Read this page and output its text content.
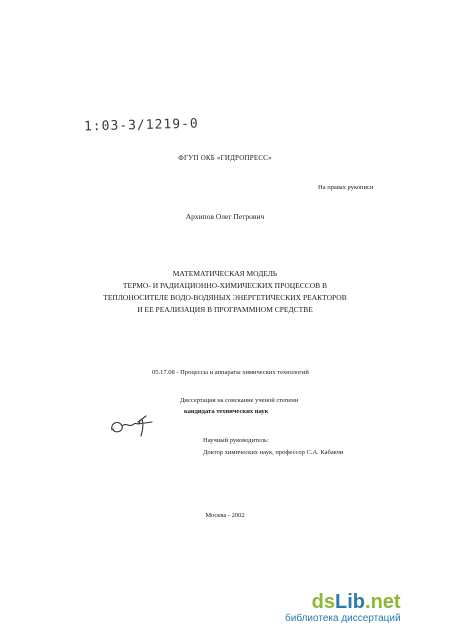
1:03-3/1219-0
ФГУП ОКБ «ГИДРОПРЕСС»
На правах рукописи
Архипов Олег Петрович
МАТЕМАТИЧЕСКАЯ МОДЕЛЬ
ТЕРМО- И РАДИАЦИОННО-ХИМИЧЕСКИХ ПРОЦЕССОВ В
ТЕПЛОНОСИТЕЛЕ ВОДО-ВОДЯНЫХ ЭНЕРГЕТИЧЕСКИХ РЕАКТОРОВ
И ЕЕ РЕАЛИЗАЦИЯ В ПРОГРАММНОМ СРЕДСТВЕ
05.17.08 - Процессы и аппараты химических технологий
Диссертация на соискание ученой степени
кандидата технических наук
Научный руководитель:
Доктор химических наук, профессор С.А. Кабакчи
Москва - 2002
dsLib.net
библиотека диссертаций
